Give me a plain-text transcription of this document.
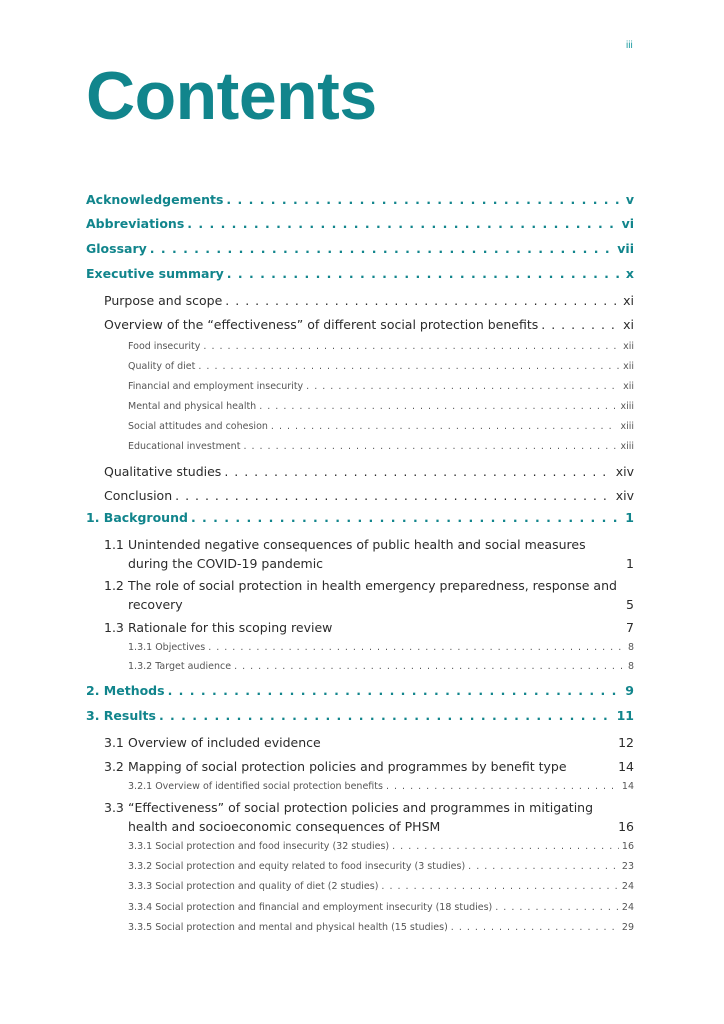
iii
Contents
Acknowledgements . . .	v
Abbreviations . . .	vi
Glossary . . .	vii
Executive summary . . .	x
Purpose and scope . . .	xi
Overview of the “effectiveness” of different social protection benefits . . .	xi
Food insecurity . . .	xii
Quality of diet . . .	xii
Financial and employment insecurity . . .	xii
Mental and physical health . . .	xiii
Social attitudes and cohesion . . .	xiii
Educational investment . . .	xiii
Qualitative studies . . .	xiv
Conclusion . . .	xiv
1. Background . . .	1
1.1 Unintended negative consequences of public health and social measures
during the COVID-19 pandemic	1
1.2 The role of social protection in health emergency preparedness, response and
recovery	5
1.3 Rationale for this scoping review	7
1.3.1 Objectives . . .	8
1.3.2 Target audience . . .	8
2. Methods . . .	9
3. Results . . .	11
3.1 Overview of included evidence	12
3.2 Mapping of social protection policies and programmes by benefit type	14
3.2.1 Overview of identified social protection benefits . . .	14
3.3 “Effectiveness” of social protection policies and programmes in mitigating
health and socioeconomic consequences of PHSM	16
3.3.1 Social protection and food insecurity (32 studies) . . .	16
3.3.2 Social protection and equity related to food insecurity (3 studies) . . .	23
3.3.3 Social protection and quality of diet (2 studies) . . .	24
3.3.4 Social protection and financial and employment insecurity (18 studies) . . .	24
3.3.5 Social protection and mental and physical health (15 studies) . . .	29
